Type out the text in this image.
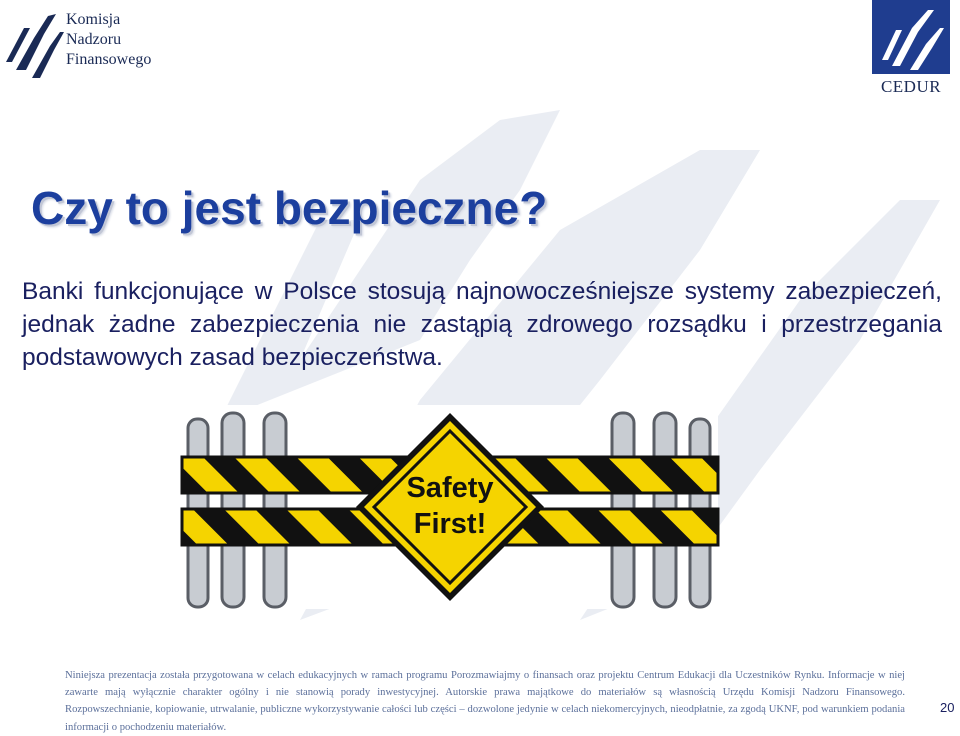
Komisja
Nadzoru
Finansowego
CEDUR
Czy to jest bezpieczne?

Banki funkcjonujące w Polsce stosują najnowocześniejsze systemy zabezpieczeń, jednak żadne zabezpieczenia nie zastąpią zdrowego rozsądku i przestrzegania podstawowych zasad bezpieczeństwa.

Safety
First!

Niniejsza prezentacja została przygotowana w celach edukacyjnych w ramach programu Porozmawiajmy o finansach oraz projektu Centrum Edukacji dla Uczestników Rynku. Informacje w niej zawarte mają wyłącznie charakter ogólny i nie stanowią porady inwestycyjnej. Autorskie prawa majątkowe do materiałów są własnością Urzędu Komisji Nadzoru Finansowego. Rozpowszechnianie, kopiowanie, utrwalanie, publiczne wykorzystywanie całości lub części – dozwolone jedynie w celach niekomercyjnych, nieodpłatnie, za zgodą UKNF, pod warunkiem podania informacji o pochodzeniu materiałów.

20
